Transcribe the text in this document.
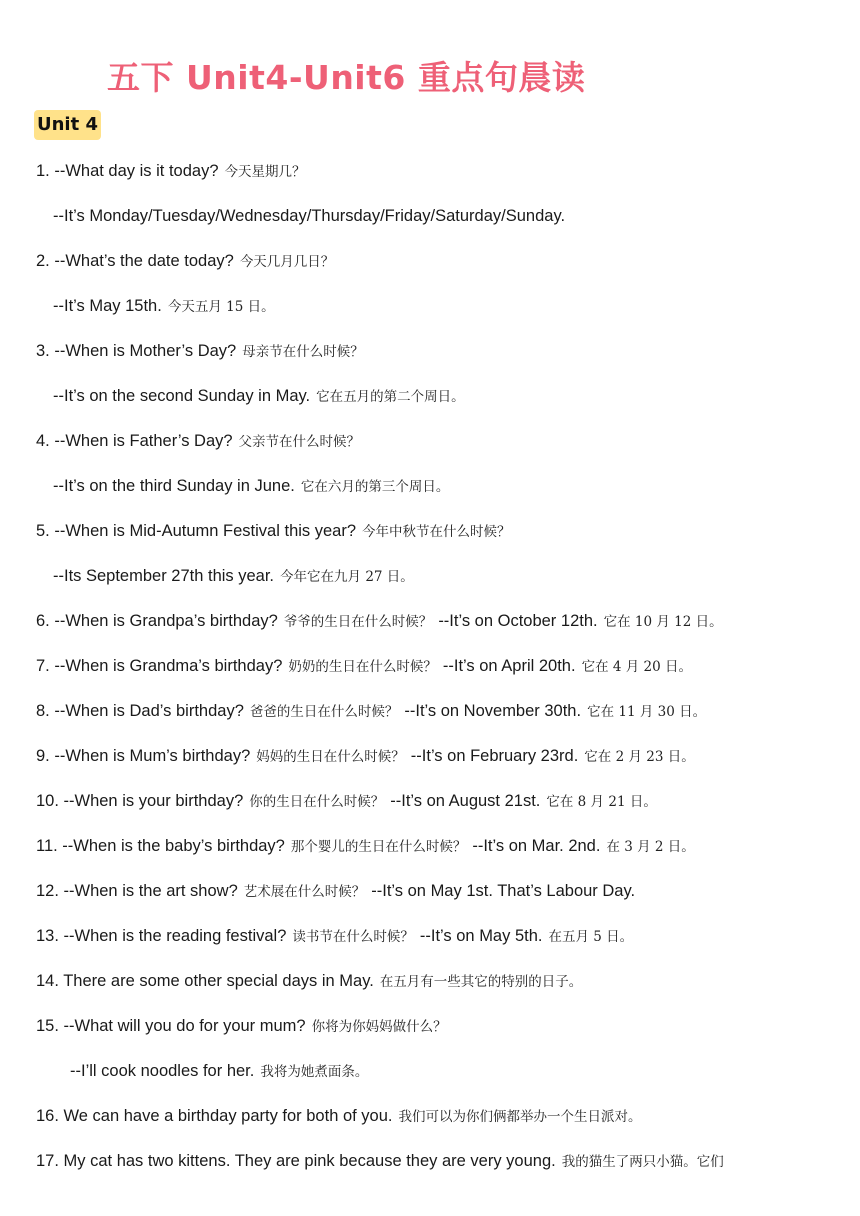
五下 Unit4-Unit6 重点句晨读
Unit 4
1. --What day is it today? 今天星期几？
--It’s Monday/Tuesday/Wednesday/Thursday/Friday/Saturday/Sunday.
2. --What’s the date today? 今天几月几日？
--It’s May 15th. 今天五月 15 日。
3. --When is Mother’s Day? 母亲节在什么时候？
--It’s on the second Sunday in May. 它在五月的第二个周日。
4. --When is Father’s Day? 父亲节在什么时候？
--It’s on the third Sunday in June. 它在六月的第三个周日。
5. --When is Mid-Autumn Festival this year? 今年中秋节在什么时候？
--Its September 27th this year. 今年它在九月 27 日。
6. --When is Grandpa’s birthday? 爷爷的生日在什么时候？ --It’s on October 12th. 它在 10 月 12 日。
7. --When is Grandma’s birthday? 奶奶的生日在什么时候？ --It’s on April 20th. 它在 4 月 20 日。
8. --When is Dad’s birthday? 爸爸的生日在什么时候？ --It’s on November 30th. 它在 11 月 30 日。
9. --When is Mum’s birthday? 妈妈的生日在什么时候？ --It’s on February 23rd. 它在 2 月 23 日。
10. --When is your birthday? 你的生日在什么时候？ --It’s on August 21st. 它在 8 月 21 日。
11. --When is the baby’s birthday? 那个婴儿的生日在什么时候？ --It’s on Mar. 2nd. 在 3 月 2 日。
12. --When is the art show? 艺术展在什么时候？ --It’s on May 1st. That’s Labour Day.
13. --When is the reading festival? 读书节在什么时候？ --It’s on May 5th. 在五月 5 日。
14. There are some other special days in May. 在五月有一些其它的特别的日子。
15. --What will you do for your mum? 你将为你妈妈做什么？
--I’ll cook noodles for her. 我将为她煮面条。
16. We can have a birthday party for both of you. 我们可以为你们俩都举办一个生日派对。
17. My cat has two kittens. They are pink because they are very young. 我的猫生了两只小猫。它们
